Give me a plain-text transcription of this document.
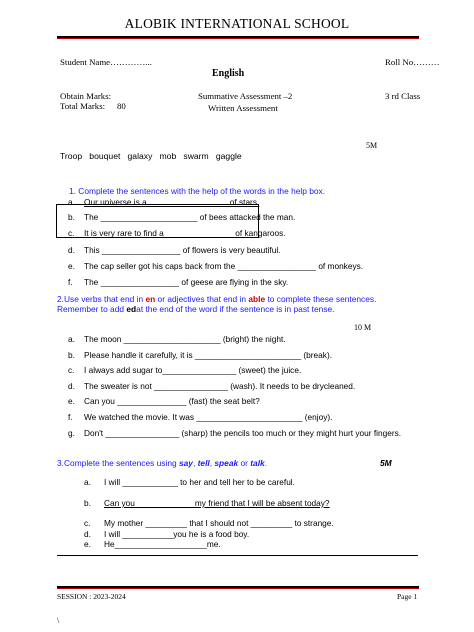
ALOBIK INTERNATIONAL SCHOOL
Student Name…………...	Roll No………
English
Obtain Marks:	Summative Assessment –2	3 rd Class
Total Marks: 80	Written Assessment
5M
Troop   bouquet   galaxy   mob   swarm   gaggle
1. Complete the sentences with the help of the words in the help box.
a. Our universe is a _________________ of stars.
b. The _____________________ of bees attacked the man.
c. It is very rare to find a_______________ of kangaroos.
d. This _________________ of flowers is very beautiful.
e. The cap seller got his caps back from the _________________ of monkeys.
f. The _________________ of geese are flying in the sky.
2.Use verbs that end in en or adjectives that end in able to complete these sentences.
Remember to add edat the end of the word if the sentence is in past tense.
10 M
a. The moon _____________________ (bright) the night.
b. Please handle it carefully, it is _______________________ (break).
c. I always add sugar to________________ (sweet) the juice.
d. The sweater is not ________________ (wash). It needs to be drycleaned.
e. Can you _______________ (fast) the seat belt?
f. We watched the movie. It was _______________________ (enjoy).
g. Don't ________________ (sharp) the pencils too much or they might hurt your fingers.
3.Complete the sentences using say, tell, speak or talk.	5M
a. I will ____________ to her and tell her to be careful.
b. Can you ____________ my friend that I will be absent today?
c. My mother _________ that I should not _________ to strange.
d. I will ___________you he is a food boy.
e. He____________________me.
SESSION : 2023-2024	Page 1
\
